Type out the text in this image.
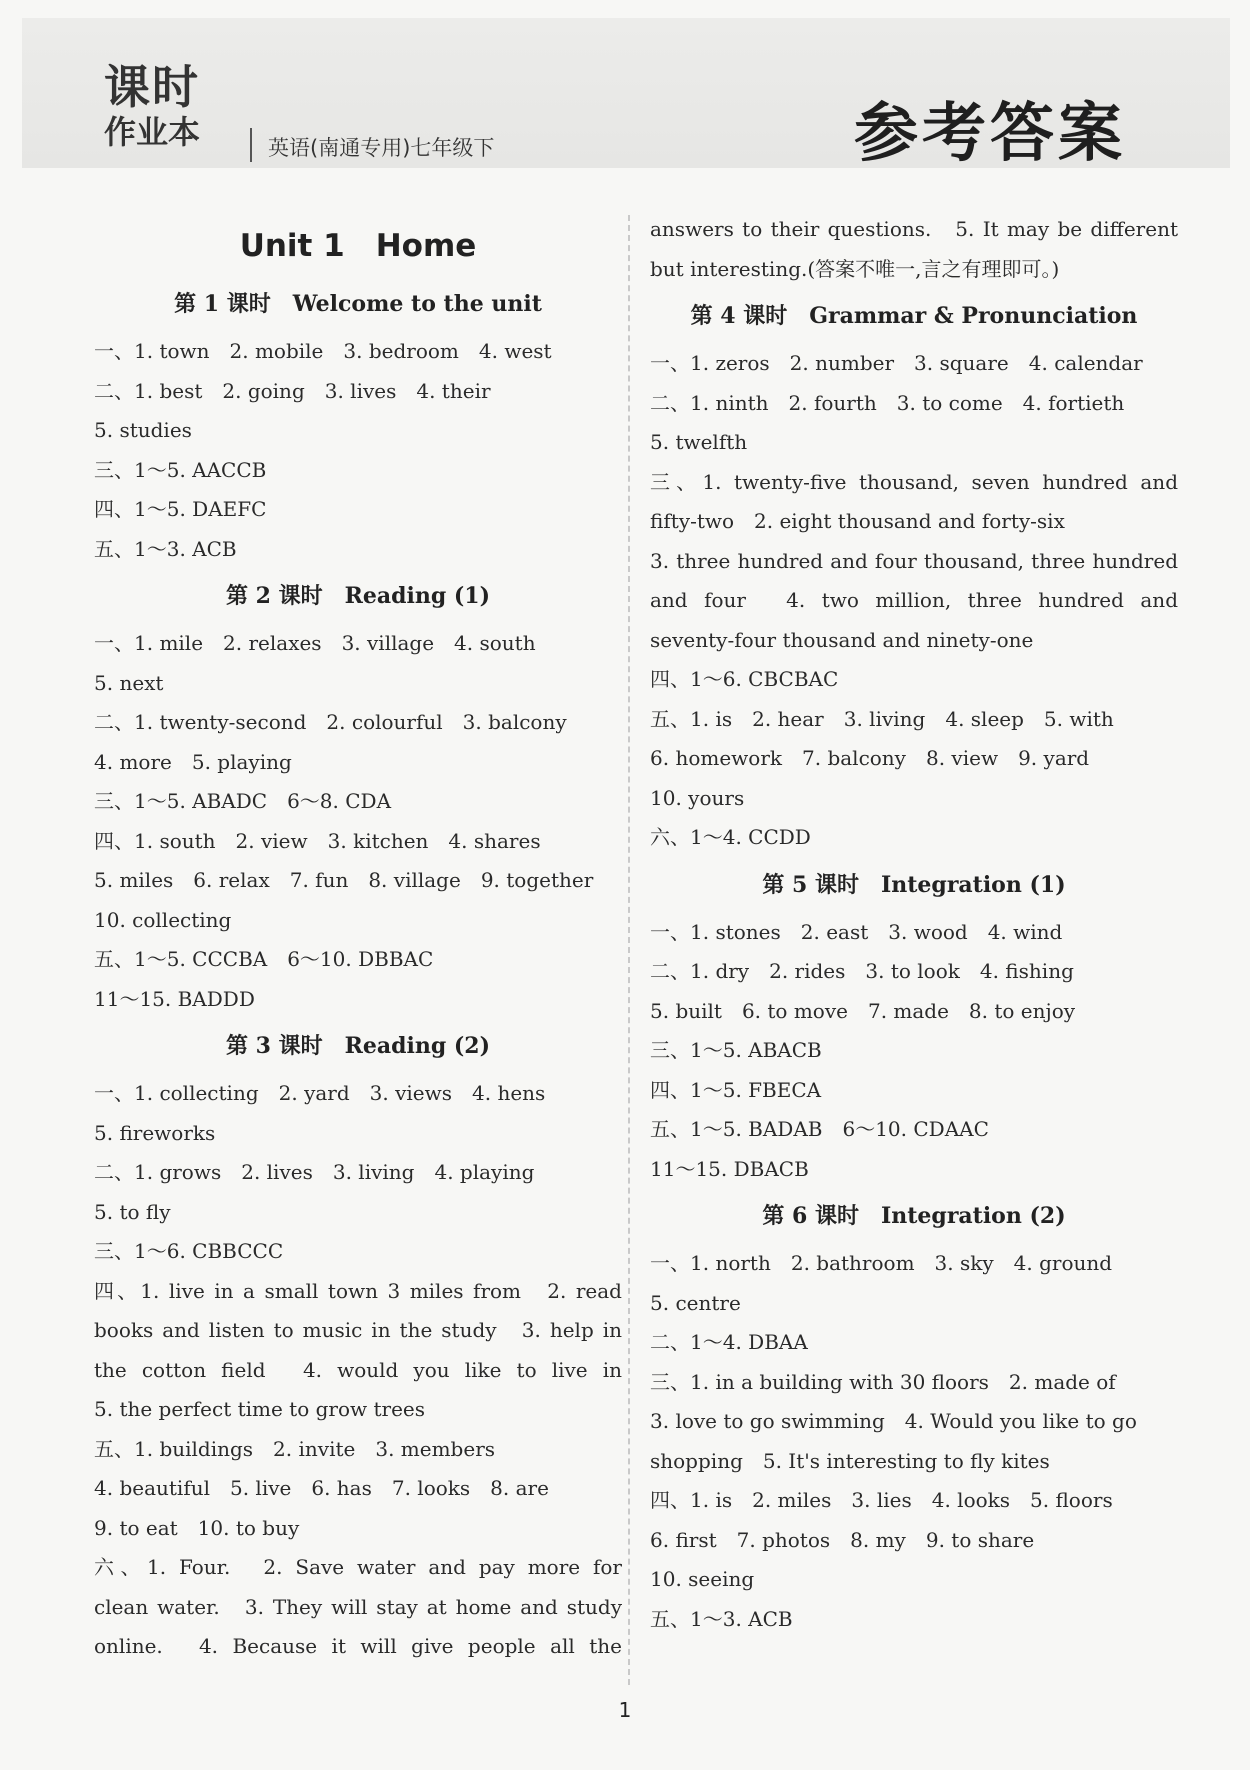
课时
作业本	英语(南通专用)七年级下	参考答案
Unit 1　Home
第 1 课时　Welcome to the unit
一、1. town　2. mobile　3. bedroom　4. west
二、1. best　2. going　3. lives　4. their
5. studies
三、1～5. AACCB
四、1～5. DAEFC
五、1～3. ACB
第 2 课时　Reading (1)
一、1. mile　2. relaxes　3. village　4. south
5. next
二、1. twenty-second　2. colourful　3. balcony
4. more　5. playing
三、1～5. ABADC　6～8. CDA
四、1. south　2. view　3. kitchen　4. shares
5. miles　6. relax　7. fun　8. village　9. together
10. collecting
五、1～5. CCCBA　6～10. DBBAC
11～15. BADDD
第 3 课时　Reading (2)
一、1. collecting　2. yard　3. views　4. hens
5. fireworks
二、1. grows　2. lives　3. living　4. playing
5. to fly
三、1～6. CBBCCC
四、1. live in a small town 3 miles from　2. read
books and listen to music in the study　3. help in
the cotton field　4. would you like to live in
5. the perfect time to grow trees
五、1. buildings　2. invite　3. members
4. beautiful　5. live　6. has　7. looks　8. are
9. to eat　10. to buy
六、1. Four.　2. Save water and pay more for
clean water.　3. They will stay at home and study
online.　4. Because it will give people all the
answers to their questions.　5. It may be different
but interesting.(答案不唯一,言之有理即可。)
第 4 课时　Grammar & Pronunciation
一、1. zeros　2. number　3. square　4. calendar
二、1. ninth　2. fourth　3. to come　4. fortieth
5. twelfth
三、1. twenty-five thousand, seven hundred and
fifty-two　2. eight thousand and forty-six
3. three hundred and four thousand, three hundred
and four　4. two million, three hundred and
seventy-four thousand and ninety-one
四、1～6. CBCBAC
五、1. is　2. hear　3. living　4. sleep　5. with
6. homework　7. balcony　8. view　9. yard
10. yours
六、1～4. CCDD
第 5 课时　Integration (1)
一、1. stones　2. east　3. wood　4. wind
二、1. dry　2. rides　3. to look　4. fishing
5. built　6. to move　7. made　8. to enjoy
三、1～5. ABACB
四、1～5. FBECA
五、1～5. BADAB　6～10. CDAAC
11～15. DBACB
第 6 课时　Integration (2)
一、1. north　2. bathroom　3. sky　4. ground
5. centre
二、1～4. DBAA
三、1. in a building with 30 floors　2. made of
3. love to go swimming　4. Would you like to go
shopping　5. It's interesting to fly kites
四、1. is　2. miles　3. lies　4. looks　5. floors
6. first　7. photos　8. my　9. to share
10. seeing
五、1～3. ACB
1
